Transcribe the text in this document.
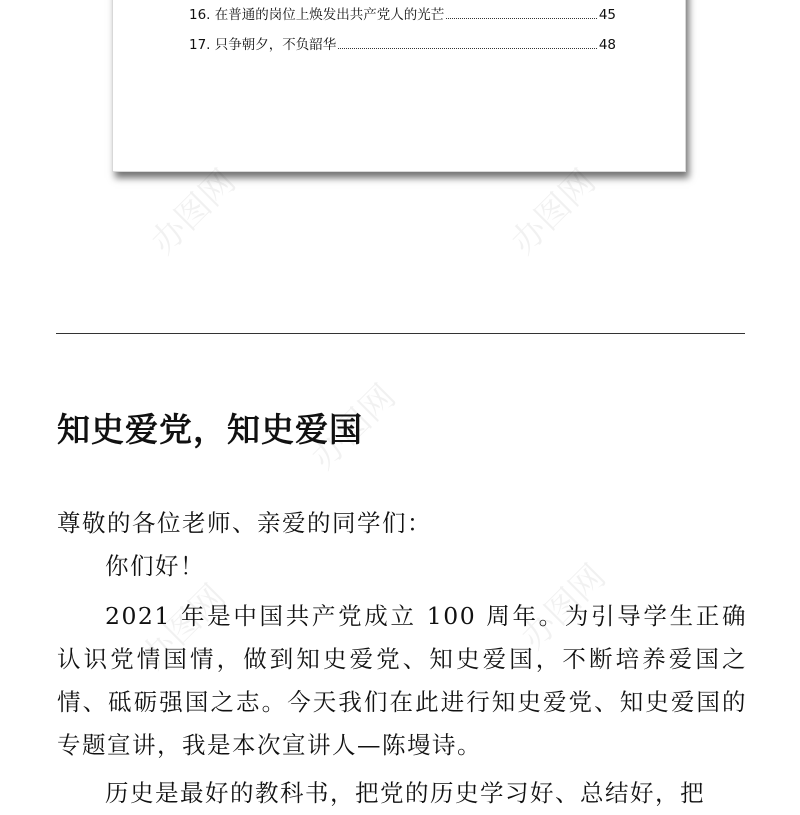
16. 在普通的岗位上焕发出共产党人的光芒	45
17. 只争朝夕，不负韶华	48
办图网	办图网
办图网
办图网
办图网
知史爱党，知史爱国
尊敬的各位老师、亲爱的同学们：
你们好！
2021 年是中国共产党成立 100 周年。为引导学生正确认识党情国情，做到知史爱党、知史爱国，不断培养爱国之情、砥砺强国之志。今天我们在此进行知史爱党、知史爱国的专题宣讲，我是本次宣讲人—陈墁诗。
历史是最好的教科书，把党的历史学习好、总结好，把
